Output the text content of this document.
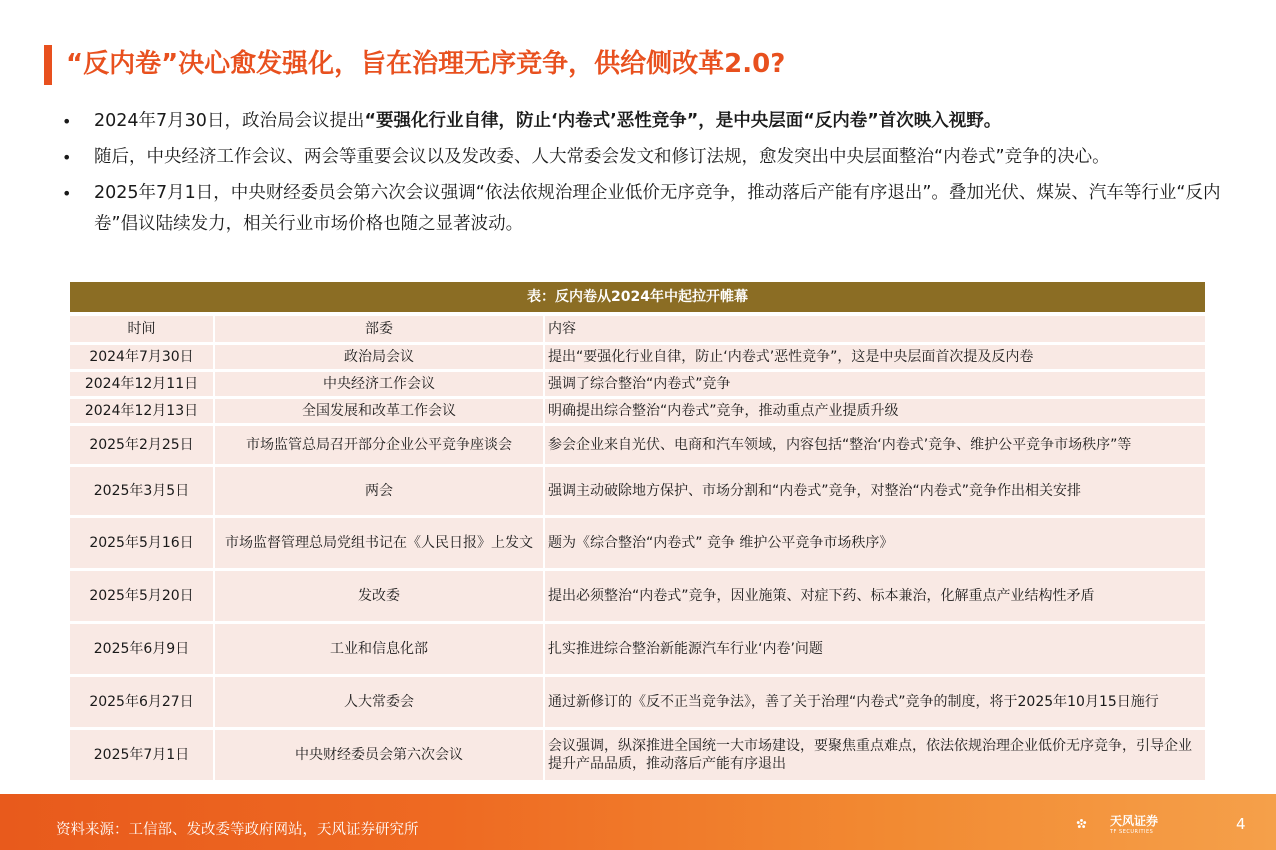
“反内卷”决心愈发强化，旨在治理无序竞争，供给侧改革2.0?
• 2024年7月30日，政治局会议提出“要强化行业自律，防止‘内卷式’恶性竞争”，是中央层面“反内卷”首次映入视野。
• 随后，中央经济工作会议、两会等重要会议以及发改委、人大常委会发文和修订法规，愈发突出中央层面整治“内卷式”竞争的决心。
• 2025年7月1日，中央财经委员会第六次会议强调“依法依规治理企业低价无序竞争，推动落后产能有序退出”。叠加光伏、煤炭、汽车等行业“反内卷”倡议陆续发力，相关行业市场价格也随之显著波动。
表：反内卷从2024年中起拉开帷幕
时间	部委	内容
2024年7月30日	政治局会议	提出“要强化行业自律，防止‘内卷式’恶性竞争”，这是中央层面首次提及反内卷
2024年12月11日	中央经济工作会议	强调了综合整治“内卷式”竞争
2024年12月13日	全国发展和改革工作会议	明确提出综合整治“内卷式”竞争，推动重点产业提质升级
2025年2月25日	市场监管总局召开部分企业公平竞争座谈会	参会企业来自光伏、电商和汽车领域，内容包括“整治‘内卷式’竞争、维护公平竞争市场秩序”等
2025年3月5日	两会	强调主动破除地方保护、市场分割和“内卷式”竞争，对整治“内卷式”竞争作出相关安排
2025年5月16日	市场监督管理总局党组书记在《人民日报》上发文	题为《综合整治“内卷式” 竞争 维护公平竞争市场秩序》
2025年5月20日	发改委	提出必须整治“内卷式”竞争，因业施策、对症下药、标本兼治，化解重点产业结构性矛盾
2025年6月9日	工业和信息化部	扎实推进综合整治新能源汽车行业‘内卷’问题
2025年6月27日	人大常委会	通过新修订的《反不正当竞争法》，善了关于治理“内卷式”竞争的制度，将于2025年10月15日施行
2025年7月1日	中央财经委员会第六次会议	会议强调，纵深推进全国统一大市场建设，要聚焦重点难点，依法依规治理企业低价无序竞争，引导企业提升产品品质，推动落后产能有序退出
资料来源：工信部、发改委等政府网站，天风证券研究所
天风证券
TF SECURITIES	4
